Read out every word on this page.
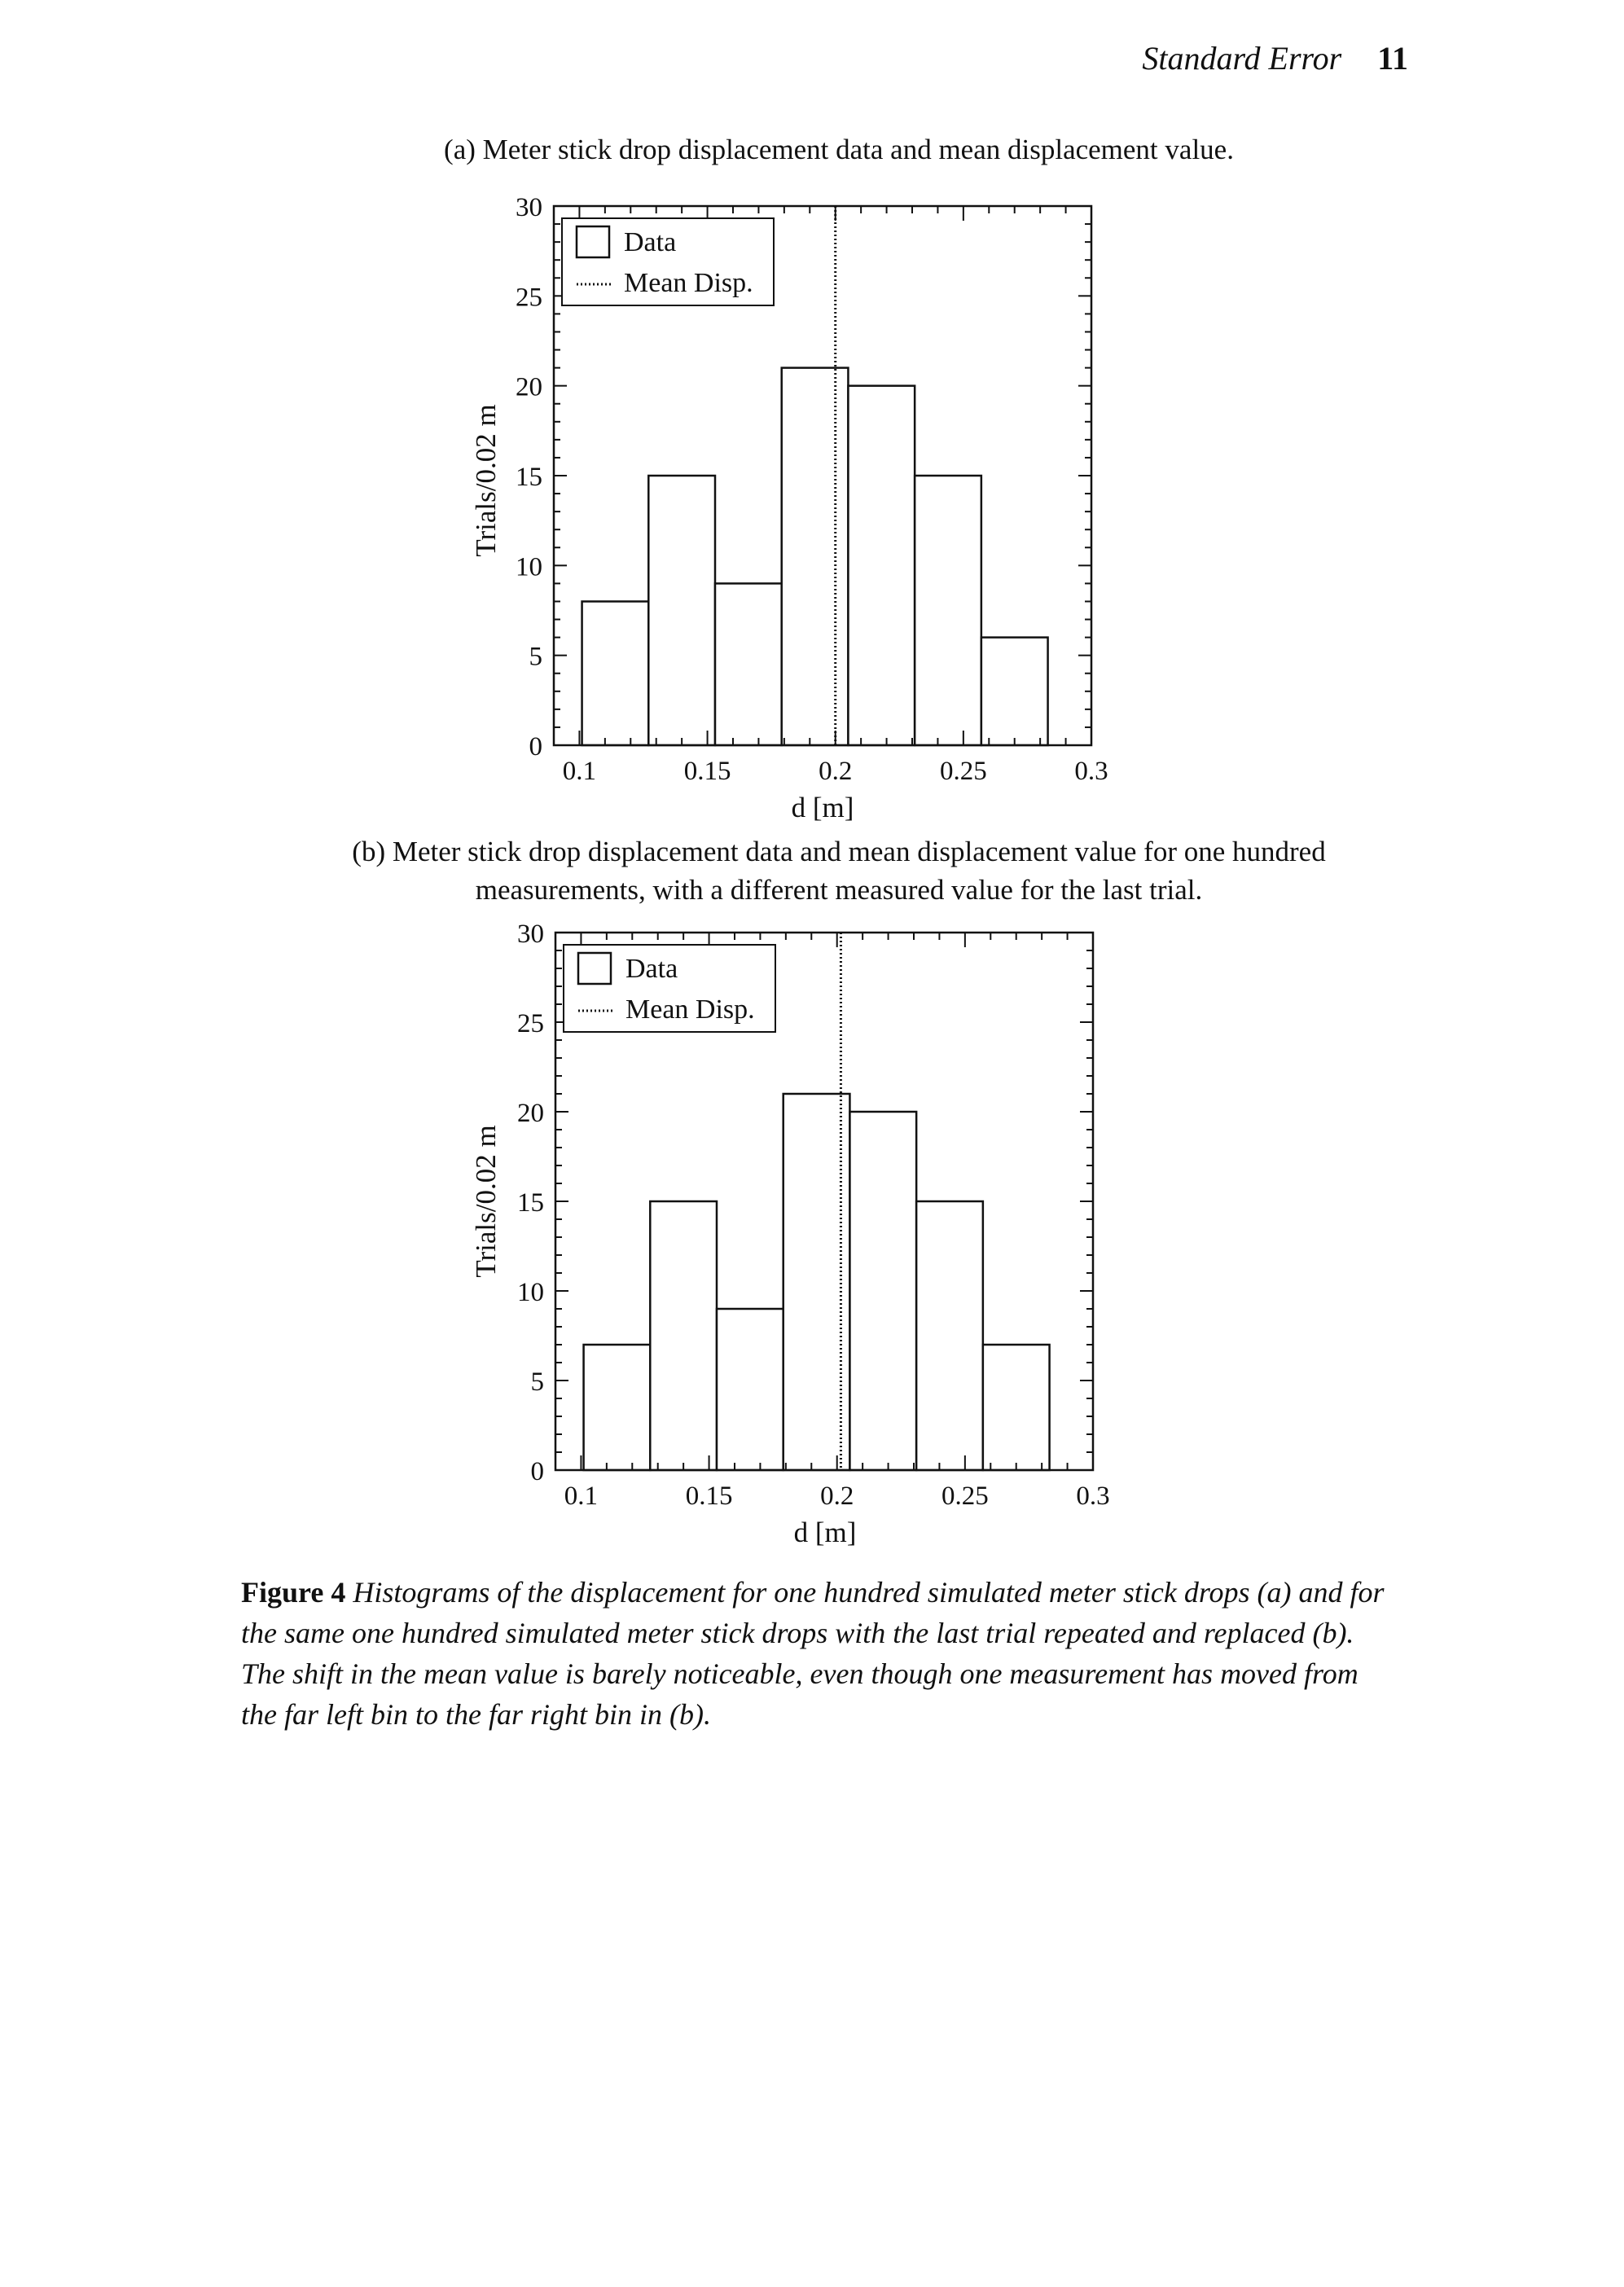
Standard Error 11
(a) Meter stick drop displacement data and mean displacement value.
0
5
10
15
20
25
30
0.1	0.15	0.2	0.25	0.3
Data
Mean Disp.
Trials/0.02 m
d [m]
(b) Meter stick drop displacement data and mean displacement value for one hundred measurements, with a different measured value for the last trial.
0
5
10
15
20
25
30
0.1	0.15	0.2	0.25	0.3
Data
Mean Disp.
Trials/0.02 m
d [m]
Figure 4 Histograms of the displacement for one hundred simulated meter stick drops (a) and for the same one hundred simulated meter stick drops with the last trial repeated and replaced (b). The shift in the mean value is barely noticeable, even though one measurement has moved from the far left bin to the far right bin in (b).
